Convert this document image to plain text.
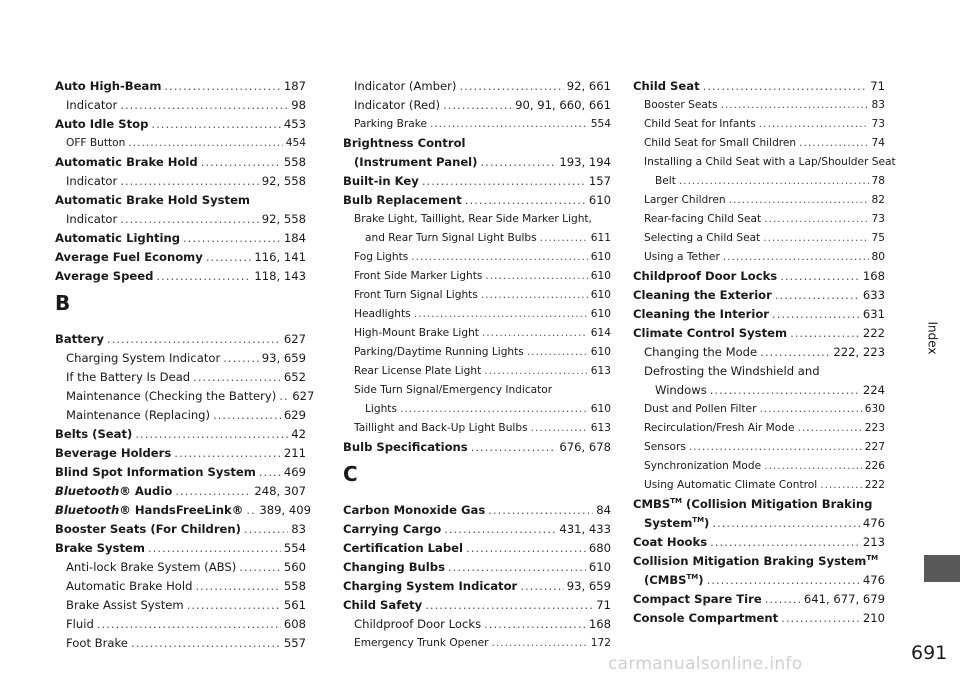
Auto High-Beam .....	187
Indicator .....	98
Auto Idle Stop .....	453
OFF Button .....	454
Automatic Brake Hold .....	558
Indicator .....	92, 558
Automatic Brake Hold System
Indicator .....	92, 558
Automatic Lighting .....	184
Average Fuel Economy .....	116, 141
Average Speed .....	118, 143
B
Battery .....	627
Charging System Indicator .....	93, 659
If the Battery Is Dead .....	652
Maintenance (Checking the Battery) ..... 627
Maintenance (Replacing) .....	629
Belts (Seat) .....	42
Beverage Holders .....	211
Blind Spot Information System ..... 469
Bluetooth® Audio .....	248, 307
Bluetooth® HandsFreeLink® ..... 389, 409
Booster Seats (For Children) .....	83
Brake System .....	554
Anti-lock Brake System (ABS) .....	560
Automatic Brake Hold .....	558
Brake Assist System .....	561
Fluid .....	608
Foot Brake .....	557
Indicator (Amber) .....	92, 661
Indicator (Red) .....	90, 91, 660, 661
Parking Brake .....	554
Brightness Control
(Instrument Panel) .....	193, 194
Built-in Key .....	157
Bulb Replacement .....	610
Brake Light, Taillight, Rear Side Marker Light,
and Rear Turn Signal Light Bulbs .....	611
Fog Lights .....	610
Front Side Marker Lights .....	610
Front Turn Signal Lights .....	610
Headlights .....	610
High-Mount Brake Light .....	614
Parking/Daytime Running Lights .....	610
Rear License Plate Light .....	613
Side Turn Signal/Emergency Indicator
Lights .....	610
Taillight and Back-Up Light Bulbs .....	613
Bulb Specifications .....	676, 678
C
Carbon Monoxide Gas .....	84
Carrying Cargo .....	431, 433
Certification Label .....	680
Changing Bulbs .....	610
Charging System Indicator .....	93, 659
Child Safety .....	71
Childproof Door Locks .....	168
Emergency Trunk Opener .....	172
Child Seat .....	71
Booster Seats .....	83
Child Seat for Infants .....	73
Child Seat for Small Children .....	74
Installing a Child Seat with a Lap/Shoulder Seat
Belt .....	78
Larger Children .....	82
Rear-facing Child Seat .....	73
Selecting a Child Seat .....	75
Using a Tether .....	80
Childproof Door Locks .....	168
Cleaning the Exterior .....	633
Cleaning the Interior .....	631
Climate Control System .....	222
Changing the Mode .....	222, 223
Defrosting the Windshield and
Windows .....	224
Dust and Pollen Filter .....	630
Recirculation/Fresh Air Mode .....	223
Sensors .....	227
Synchronization Mode .....	226
Using Automatic Climate Control .....	222
CMBS™ (Collision Mitigation Braking
System™) .....	476
Coat Hooks .....	213
Collision Mitigation Braking System™
(CMBS™) .....	476
Compact Spare Tire .....	641, 677, 679
Console Compartment .....	210
Index
691
carmanualsonline.info
